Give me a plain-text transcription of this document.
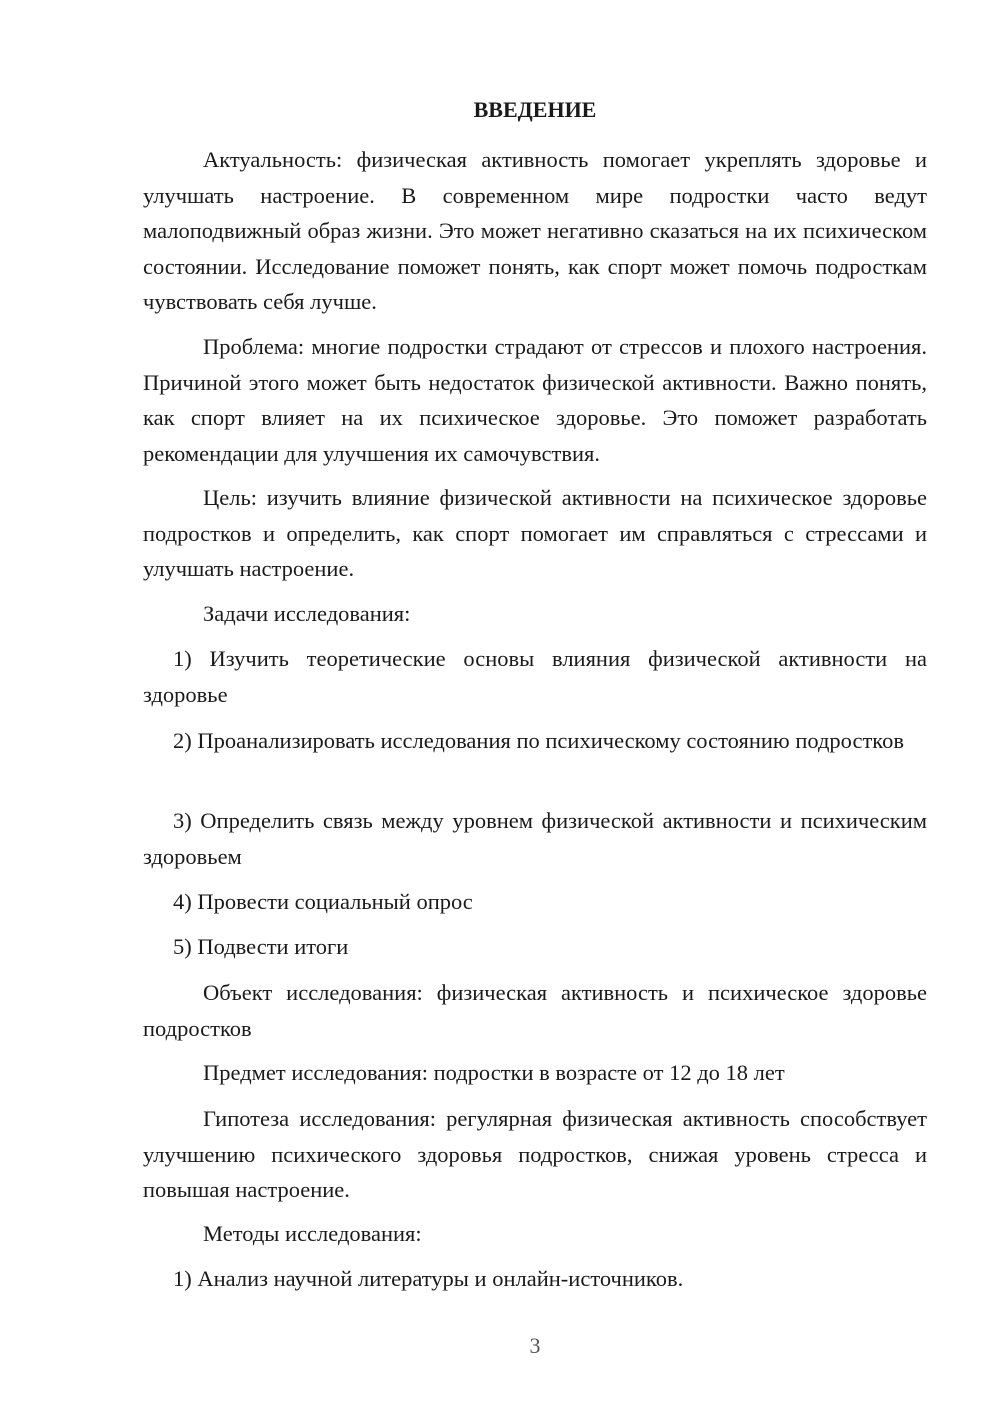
ВВЕДЕНИЕ

Актуальность: физическая активность помогает укреплять здоровье и улучшать настроение. В современном мире подростки часто ведут малоподвижный образ жизни. Это может негативно сказаться на их психическом состоянии. Исследование поможет понять, как спорт может помочь подросткам чувствовать себя лучше.

Проблема: многие подростки страдают от стрессов и плохого настроения. Причиной этого может быть недостаток физической активности. Важно понять, как спорт влияет на их психическое здоровье. Это поможет разработать рекомендации для улучшения их самочувствия.

Цель: изучить влияние физической активности на психическое здоровье подростков и определить, как спорт помогает им справляться с стрессами и улучшать настроение.

Задачи исследования:

1) Изучить теоретические основы влияния физической активности на здоровье

2) Проанализировать исследования по психическому состоянию подростков

3) Определить связь между уровнем физической активности и психическим здоровьем

4) Провести социальный опрос

5) Подвести итоги

Объект исследования: физическая активность и психическое здоровье подростков

Предмет исследования: подростки в возрасте от 12 до 18 лет

Гипотеза исследования: регулярная физическая активность способствует улучшению психического здоровья подростков, снижая уровень стресса и повышая настроение.

Методы исследования:

1) Анализ научной литературы и онлайн-источников.

3
